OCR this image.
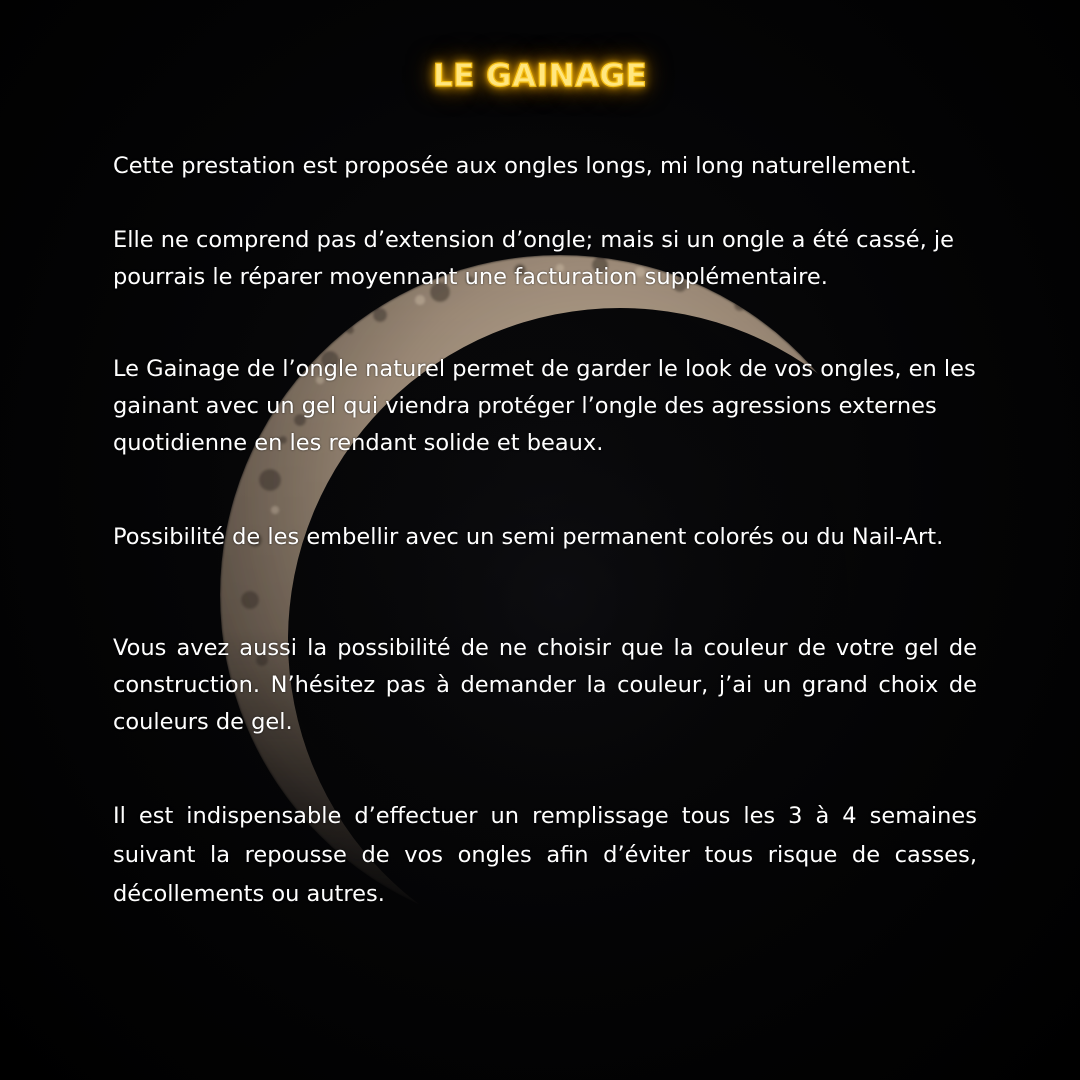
LE GAINAGE

Cette prestation est proposée aux ongles longs, mi long naturellement.

Elle ne comprend pas d’extension d’ongle; mais si un ongle a été cassé, je pourrais le réparer moyennant une facturation supplémentaire.

Le Gainage de l’ongle naturel permet de garder le look de vos ongles, en les gainant avec un gel qui viendra protéger l’ongle des agressions externes quotidienne en les rendant solide et beaux.

Possibilité de les embellir avec un semi permanent colorés ou du Nail-Art.

Vous avez aussi la possibilité de ne choisir que la couleur de votre gel de construction. N’hésitez pas à demander la couleur, j’ai un grand choix de couleurs de gel.

Il est indispensable d’effectuer un remplissage tous les 3 à 4 semaines suivant la repousse de vos ongles afin d’éviter tous risque de casses, décollements ou autres.
